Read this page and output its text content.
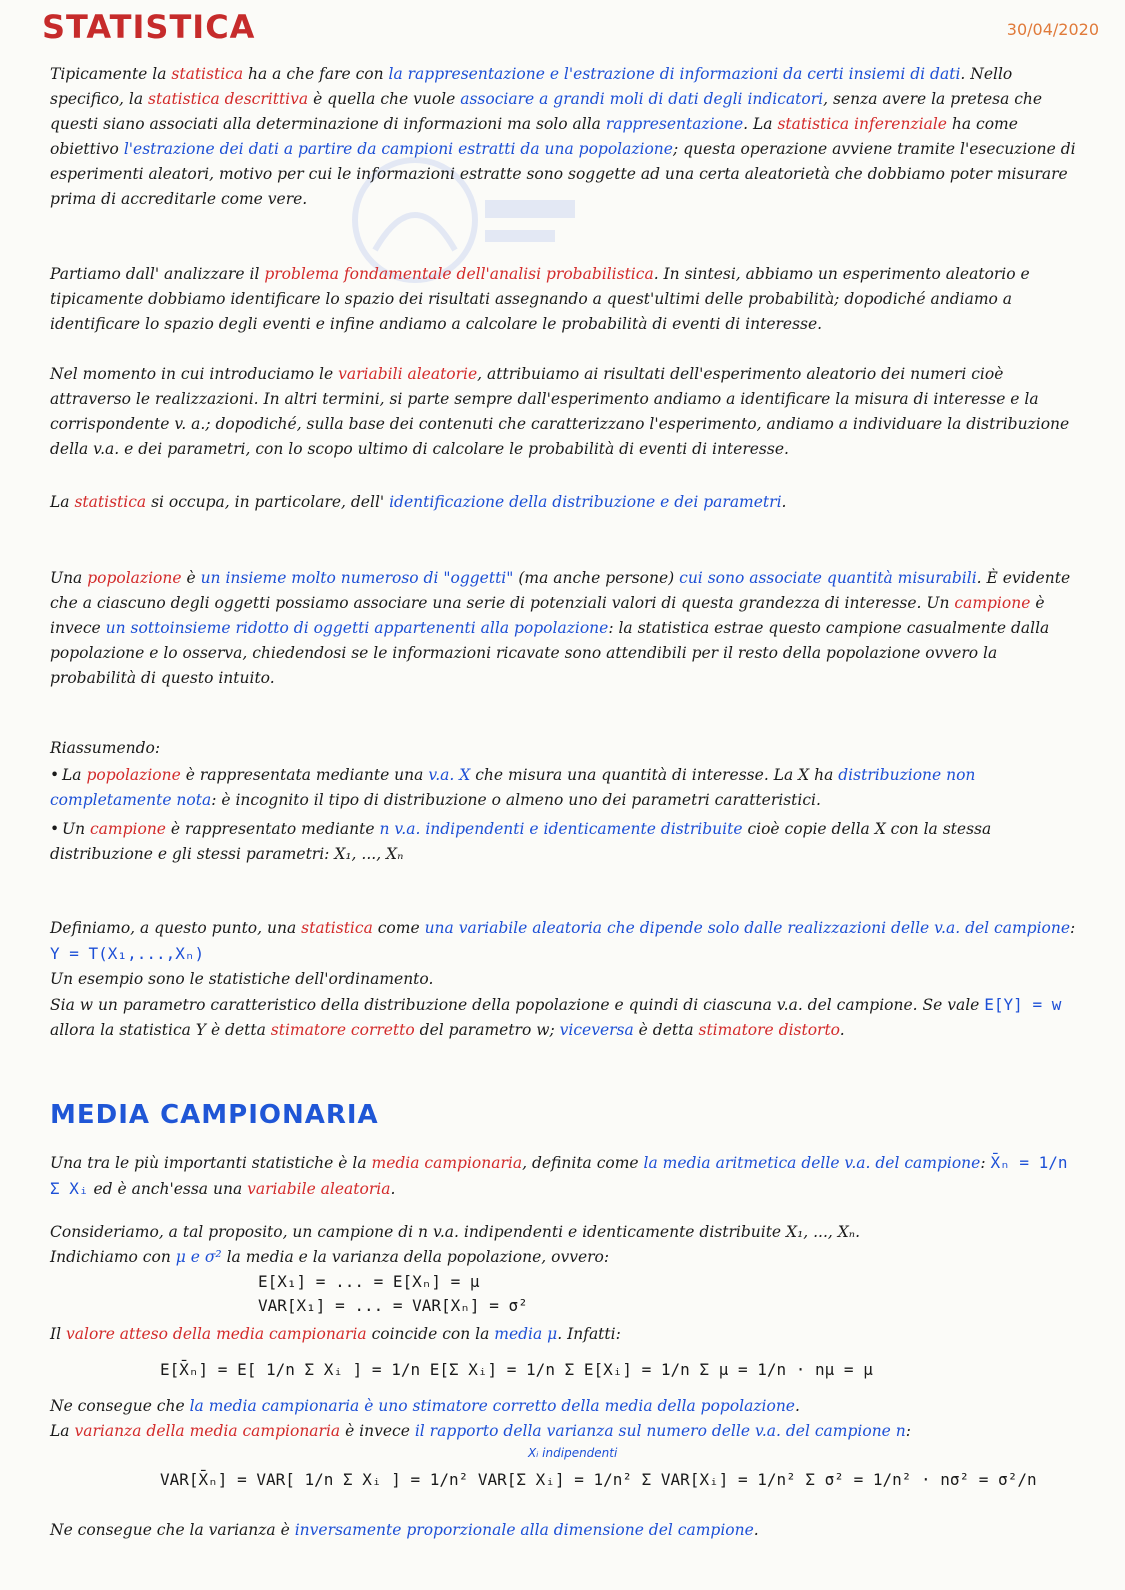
STATISTICA	30/04/2020

Tipicamente la statistica ha a che fare con la rappresentazione e l'estrazione di informazioni da certi insiemi di dati. Nello specifico, la statistica descrittiva è quella che vuole associare a grandi moli di dati degli indicatori, senza avere la pretesa che questi siano associati alla determinazione di informazioni ma solo alla rappresentazione. La statistica inferenziale ha come obiettivo l'estrazione dei dati a partire da campioni estratti da una popolazione; questa operazione avviene tramite l'esecuzione di esperimenti aleatori, motivo per cui le informazioni estratte sono soggette ad una certa aleatorietà che dobbiamo poter misurare prima di accreditarle come vere.

Partiamo dall' analizzare il problema fondamentale dell'analisi probabilistica. In sintesi, abbiamo un esperimento aleatorio e tipicamente dobbiamo identificare lo spazio dei risultati assegnando a quest'ultimi delle probabilità; dopodiché andiamo a identificare lo spazio degli eventi e infine andiamo a calcolare le probabilità di eventi di interesse.

Nel momento in cui introduciamo le variabili aleatorie, attribuiamo ai risultati dell'esperimento aleatorio dei numeri cioè attraverso le realizzazioni. In altri termini, si parte sempre dall'esperimento andiamo a identificare la misura di interesse e la corrispondente v. a.; dopodiché, sulla base dei contenuti che caratterizzano l'esperimento, andiamo a individuare la distribuzione della v.a. e dei parametri, con lo scopo ultimo di calcolare le probabilità di eventi di interesse.

La statistica si occupa, in particolare, dell' identificazione della distribuzione e dei parametri.

Una popolazione è un insieme molto numeroso di "oggetti" (ma anche persone) cui sono associate quantità misurabili. È evidente che a ciascuno degli oggetti possiamo associare una serie di potenziali valori di questa grandezza di interesse. Un campione è invece un sottoinsieme ridotto di oggetti appartenenti alla popolazione: la statistica estrae questo campione casualmente dalla popolazione e lo osserva, chiedendosi se le informazioni ricavate sono attendibili per il resto della popolazione ovvero la probabilità di questo intuito.

Riassumendo:

• La popolazione è rappresentata mediante una v.a. X che misura una quantità di interesse. La X ha distribuzione non completamente nota: è incognito il tipo di distribuzione o almeno uno dei parametri caratteristici.

• Un campione è rappresentato mediante n v.a. indipendenti e identicamente distribuite cioè copie della X con la stessa distribuzione e gli stessi parametri: X₁, ..., Xₙ

Definiamo, a questo punto, una statistica come una variabile aleatoria che dipende solo dalle realizzazioni delle v.a. del campione: Y = T(X₁,...,Xₙ)

Un esempio sono le statistiche dell'ordinamento.

Sia w un parametro caratteristico della distribuzione della popolazione e quindi di ciascuna v.a. del campione. Se vale E[Y] = w allora la statistica Y è detta stimatore corretto del parametro w; viceversa è detta stimatore distorto.

MEDIA CAMPIONARIA

Una tra le più importanti statistiche è la media campionaria, definita come la media aritmetica delle v.a. del campione: X̄ₙ = 1/n Σ Xᵢ ed è anch'essa una variabile aleatoria.

Consideriamo, a tal proposito, un campione di n v.a. indipendenti e identicamente distribuite X₁, ..., Xₙ.

Indichiamo con μ e σ² la media e la varianza della popolazione, ovvero:

E[X₁] = ... = E[Xₙ] = μ
VAR[X₁] = ... = VAR[Xₙ] = σ²

Il valore atteso della media campionaria coincide con la media μ. Infatti:

E[X̄ₙ] = E[ 1/n Σ Xᵢ ] = 1/n E[Σ Xᵢ] = 1/n Σ E[Xᵢ] = 1/n Σ μ = 1/n · nμ = μ

Ne consegue che la media campionaria è uno stimatore corretto della media della popolazione.

La varianza della media campionaria è invece il rapporto della varianza sul numero delle v.a. del campione n:

Xᵢ indipendenti
VAR[X̄ₙ] = VAR[ 1/n Σ Xᵢ ] = 1/n² VAR[Σ Xᵢ] = 1/n² Σ VAR[Xᵢ] = 1/n² Σ σ² = 1/n² · nσ² = σ²/n

Ne consegue che la varianza è inversamente proporzionale alla dimensione del campione.
